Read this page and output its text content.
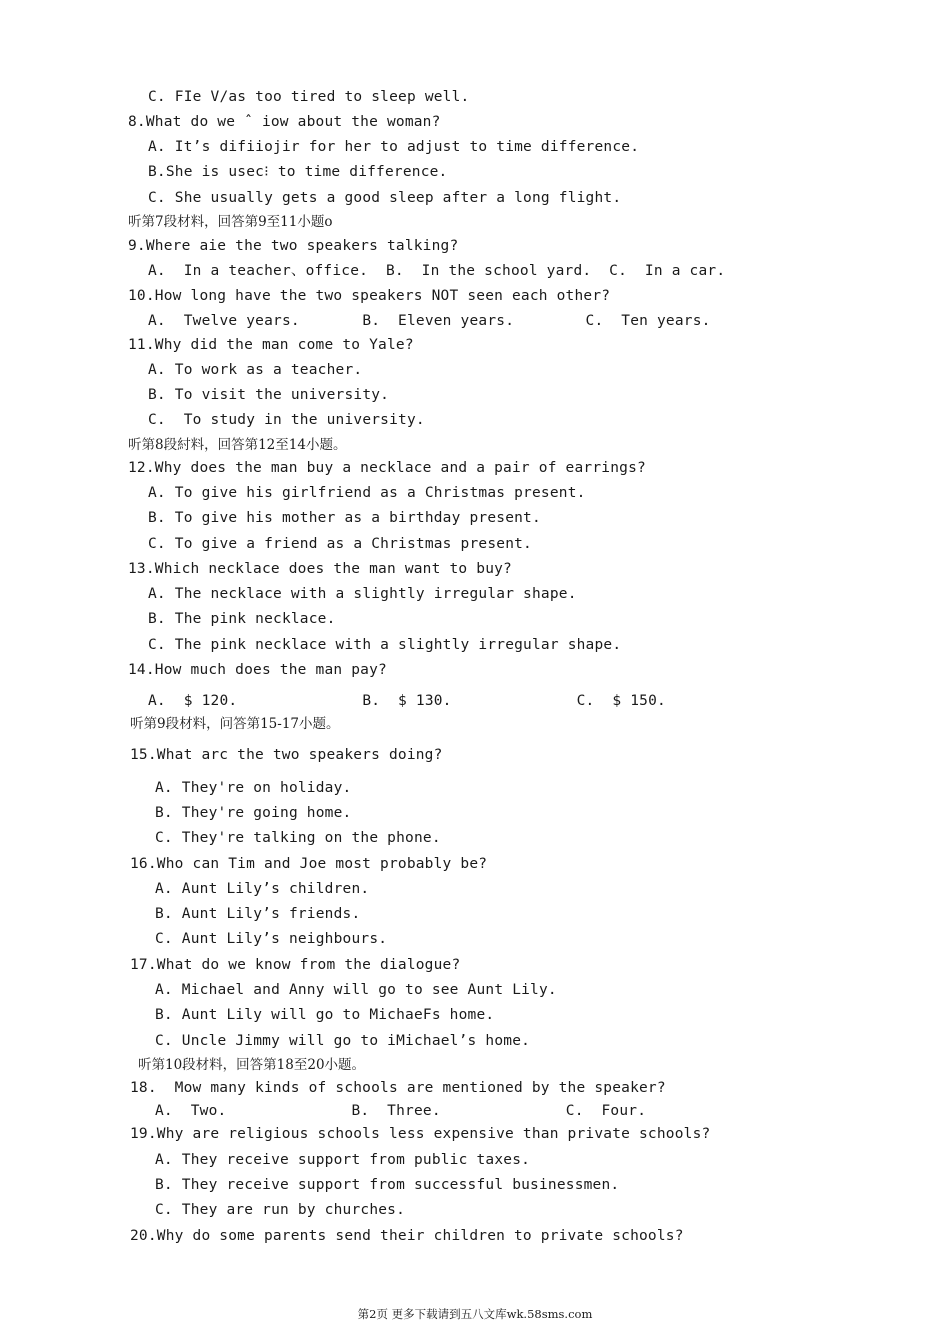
C. FIe V/as too tired to sleep well.
8.What do we ˆ iow about the woman?
A. It’s difiiojir for her to adjust to time difference.
B.She is usec⁝ to time difference.
C. She usually gets a good sleep after a long flight.
听第7段材料，回答第9至11小题o
9.Where aie the two speakers talking?
A.  In a teacher、office.  B.  In the school yard.  C.  In a car.
10.How long have the two speakers NOT seen each other?
A.  Twelve years.       B.  Eleven years.        C.  Ten years.
11.Why did the man come to Yale?
A. To work as a teacher.
B. To visit the university.
C.  To study in the university.
听第8段紂料，回答第12至14小题。
12.Why does the man buy a necklace and a pair of earrings?
A. To give his girlfriend as a Christmas present.
B. To give his mother as a birthday present.
C. To give a friend as a Christmas present.
13.Which necklace does the man want to buy?
A. The necklace with a slightly irregular shape.
B. The pink necklace.
C. The pink necklace with a slightly irregular shape.
14.How much does the man pay?
A.  $ 120.              B.  $ 130.              C.  $ 150.
听第9段材料，问答第15-17小题。
15.What arc the two speakers doing?
A. They're on holiday.
B. They're going home.
C. They're talking on the phone.
16.Who can Tim and Joe most probably be?
A. Aunt Lily’s children.
B. Aunt Lily’s friends.
C. Aunt Lily’s neighbours.
17.What do we know from the dialogue?
A. Michael and Anny will go to see Aunt Lily.
B. Aunt Lily will go to MichaeFs home.
C. Uncle Jimmy will go to iMichael’s home.
听第10段材料，回答第18至20小题。
18.  Mow many kinds of schools are mentioned by the speaker?
A.  Two.              B.  Three.              C.  Four.
19.Why are religious schools less expensive than private schools?
A. They receive support from public taxes.
B. They receive support from successful businessmen.
C. They are run by churches.
20.Why do some parents send their children to private schools?
第2页 更多下载请到五八文库wk.58sms.com
